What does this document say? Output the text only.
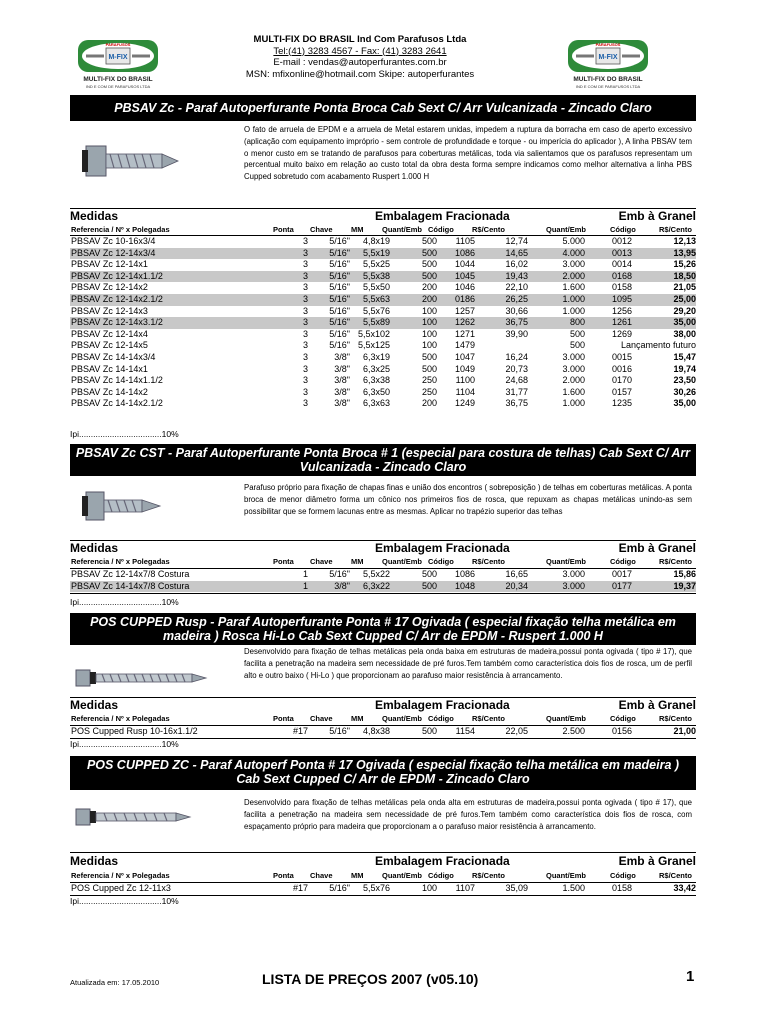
M-FIX
PARAFUSOS
MULTI-FIX DO BRASIL
IND E COM DE PARAFUSOS LTDA
MULTI-FIX DO BRASIL Ind Com Parafusos Ltda
Tel:(41) 3283 4567 - Fax: (41) 3283 2641
E-mail : vendas@autoperfurantes.com.br
MSN: mfixonline@hotmail.com Skipe: autoperfurantes
M-FIX
PARAFUSOS
MULTI-FIX DO BRASIL
IND E COM DE PARAFUSOS LTDA
PBSAV Zc - Paraf Autoperfurante Ponta Broca Cab Sext C/ Arr Vulcanizada - Zincado Claro
O fato de arruela de EPDM e a arruela de Metal estarem unidas, impedem a ruptura da borracha em caso de aperto excessivo (aplicação com equipamento impróprio - sem controle de profundidade e torque - ou imperícia do aplicador ), A linha PBSAV tem o menor custo em se tratando de parafusos para coberturas metálicas, toda via salientamos que os parafusos representam um percentual muito baixo em relação ao custo total da obra desta forma sempre indicamos como melhor alternativa a linha PBS Cupped sobretudo com acabamento Ruspert 1.000 H
Medidas	Embalagem Fracionada	Emb à Granel
Referencia / Nº x Polegadas	Ponta Chave MM Quant/Emb Código R$/Cento	Quant/Emb	Código	R$/Cento
PBSAV Zc 10-16x3/4	3	5/16"	4,8x19	500	1105	12,74	5.000	0012	12,13
PBSAV Zc 12-14x3/4	3	5/16"	5,5x19	500	1086	14,65	4.000	0013	13,95
PBSAV Zc 12-14x1	3	5/16"	5,5x25	500	1044	16,02	3.000	0014	15,26
PBSAV Zc 12-14x1.1/2	3	5/16"	5,5x38	500	1045	19,43	2.000	0168	18,50
PBSAV Zc 12-14x2	3	5/16"	5,5x50	200	1046	22,10	1.600	0158	21,05
PBSAV Zc 12-14x2.1/2	3	5/16"	5,5x63	200	0186	26,25	1.000	1095	25,00
PBSAV Zc 12-14x3	3	5/16"	5,5x76	100	1257	30,66	1.000	1256	29,20
PBSAV Zc 12-14x3.1/2	3	5/16"	5,5x89	100	1262	36,75	800	1261	35,00
PBSAV Zc 12-14x4	3	5/16"	5,5x102	100	1271	39,90	500	1269	38,00
PBSAV Zc 12-14x5	3	5/16"	5,5x125	100	1479		500	Lançamento futuro	
PBSAV Zc 14-14x3/4	3	3/8"	6,3x19	500	1047	16,24	3.000	0015	15,47
PBSAV Zc 14-14x1	3	3/8"	6,3x25	500	1049	20,73	3.000	0016	19,74
PBSAV Zc 14-14x1.1/2	3	3/8"	6,3x38	250	1100	24,68	2.000	0170	23,50
PBSAV Zc 14-14x2	3	3/8"	6,3x50	250	1104	31,77	1.600	0157	30,26
PBSAV Zc 14-14x2.1/2	3	3/8"	6,3x63	200	1249	36,75	1.000	1235	35,00
Ipi...................................10%
PBSAV Zc CST - Paraf Autoperfurante Ponta Broca # 1 (especial para costura de telhas) Cab Sext C/ Arr Vulcanizada - Zincado Claro
Parafuso próprio para fixação de chapas finas e união dos encontros ( sobreposição ) de telhas em coberturas metálicas. A ponta broca de menor diâmetro forma um cônico nos primeiros fios de rosca, que repuxam as chapas metálicas unindo-as sem possibilitar que se formem lacunas entre as mesmas. Aplicar no trapézio superior das telhas
Medidas	Embalagem Fracionada	Emb à Granel
Referencia / Nº x Polegadas	Ponta Chave MM Quant/Emb Código R$/Cento	Quant/Emb	Código	R$/Cento
PBSAV Zc 12-14x7/8 Costura	1	5/16"	5,5x22	500	1086	16,65	3.000	0017	15,86
PBSAV Zc 14-14x7/8 Costura	1	3/8"	6,3x22	500	1048	20,34	3.000	0177	19,37
Ipi...................................10%
POS CUPPED Rusp - Paraf Autoperfurante Ponta # 17 Ogivada ( especial fixação telha metálica em madeira ) Rosca Hi-Lo Cab Sext Cupped C/ Arr de EPDM - Ruspert 1.000 H
Desenvolvido para fixação de telhas metálicas pela onda baixa em estruturas de madeira,possui ponta ogivada ( tipo # 17), que facilita a penetração na madeira sem necessidade de pré furos.Tem também como característica dois fios de rosca, um de perfil alto e outro baixo ( Hi-Lo ) que proporcionam ao parafuso maior resistência à arrancamento.
Medidas	Embalagem Fracionada	Emb à Granel
Referencia / Nº x Polegadas	Ponta Chave MM Quant/Emb Código R$/Cento	Quant/Emb	Código	R$/Cento
POS Cupped Rusp 10-16x1.1/2	#17	5/16"	4,8x38	500	1154	22,05	2.500	0156	21,00
Ipi...................................10%
POS CUPPED ZC - Paraf Autoperf Ponta # 17 Ogivada ( especial fixação telha metálica em madeira ) Cab Sext Cupped C/ Arr de EPDM - Zincado Claro
Desenvolvido para fixação de telhas metálicas pela onda alta em estruturas de madeira,possui ponta ogivada ( tipo # 17), que facilita a penetração na madeira sem necessidade de pré furos.Tem também como característica dois fios de rosca, com espaçamento próprio para madeira que proporcionam a o parafuso maior resistência à arrancamento.
Medidas	Embalagem Fracionada	Emb à Granel
Referencia / Nº x Polegadas	Ponta Chave MM Quant/Emb Código R$/Cento	Quant/Emb	Código	R$/Cento
POS Cupped Zc 12-11x3	#17	5/16"	5,5x76	100	1107	35,09	1.500	0158	33,42
Ipi...................................10%
Atualizada em: 17.05.2010	LISTA DE PREÇOS 2007 (v05.10)	1
